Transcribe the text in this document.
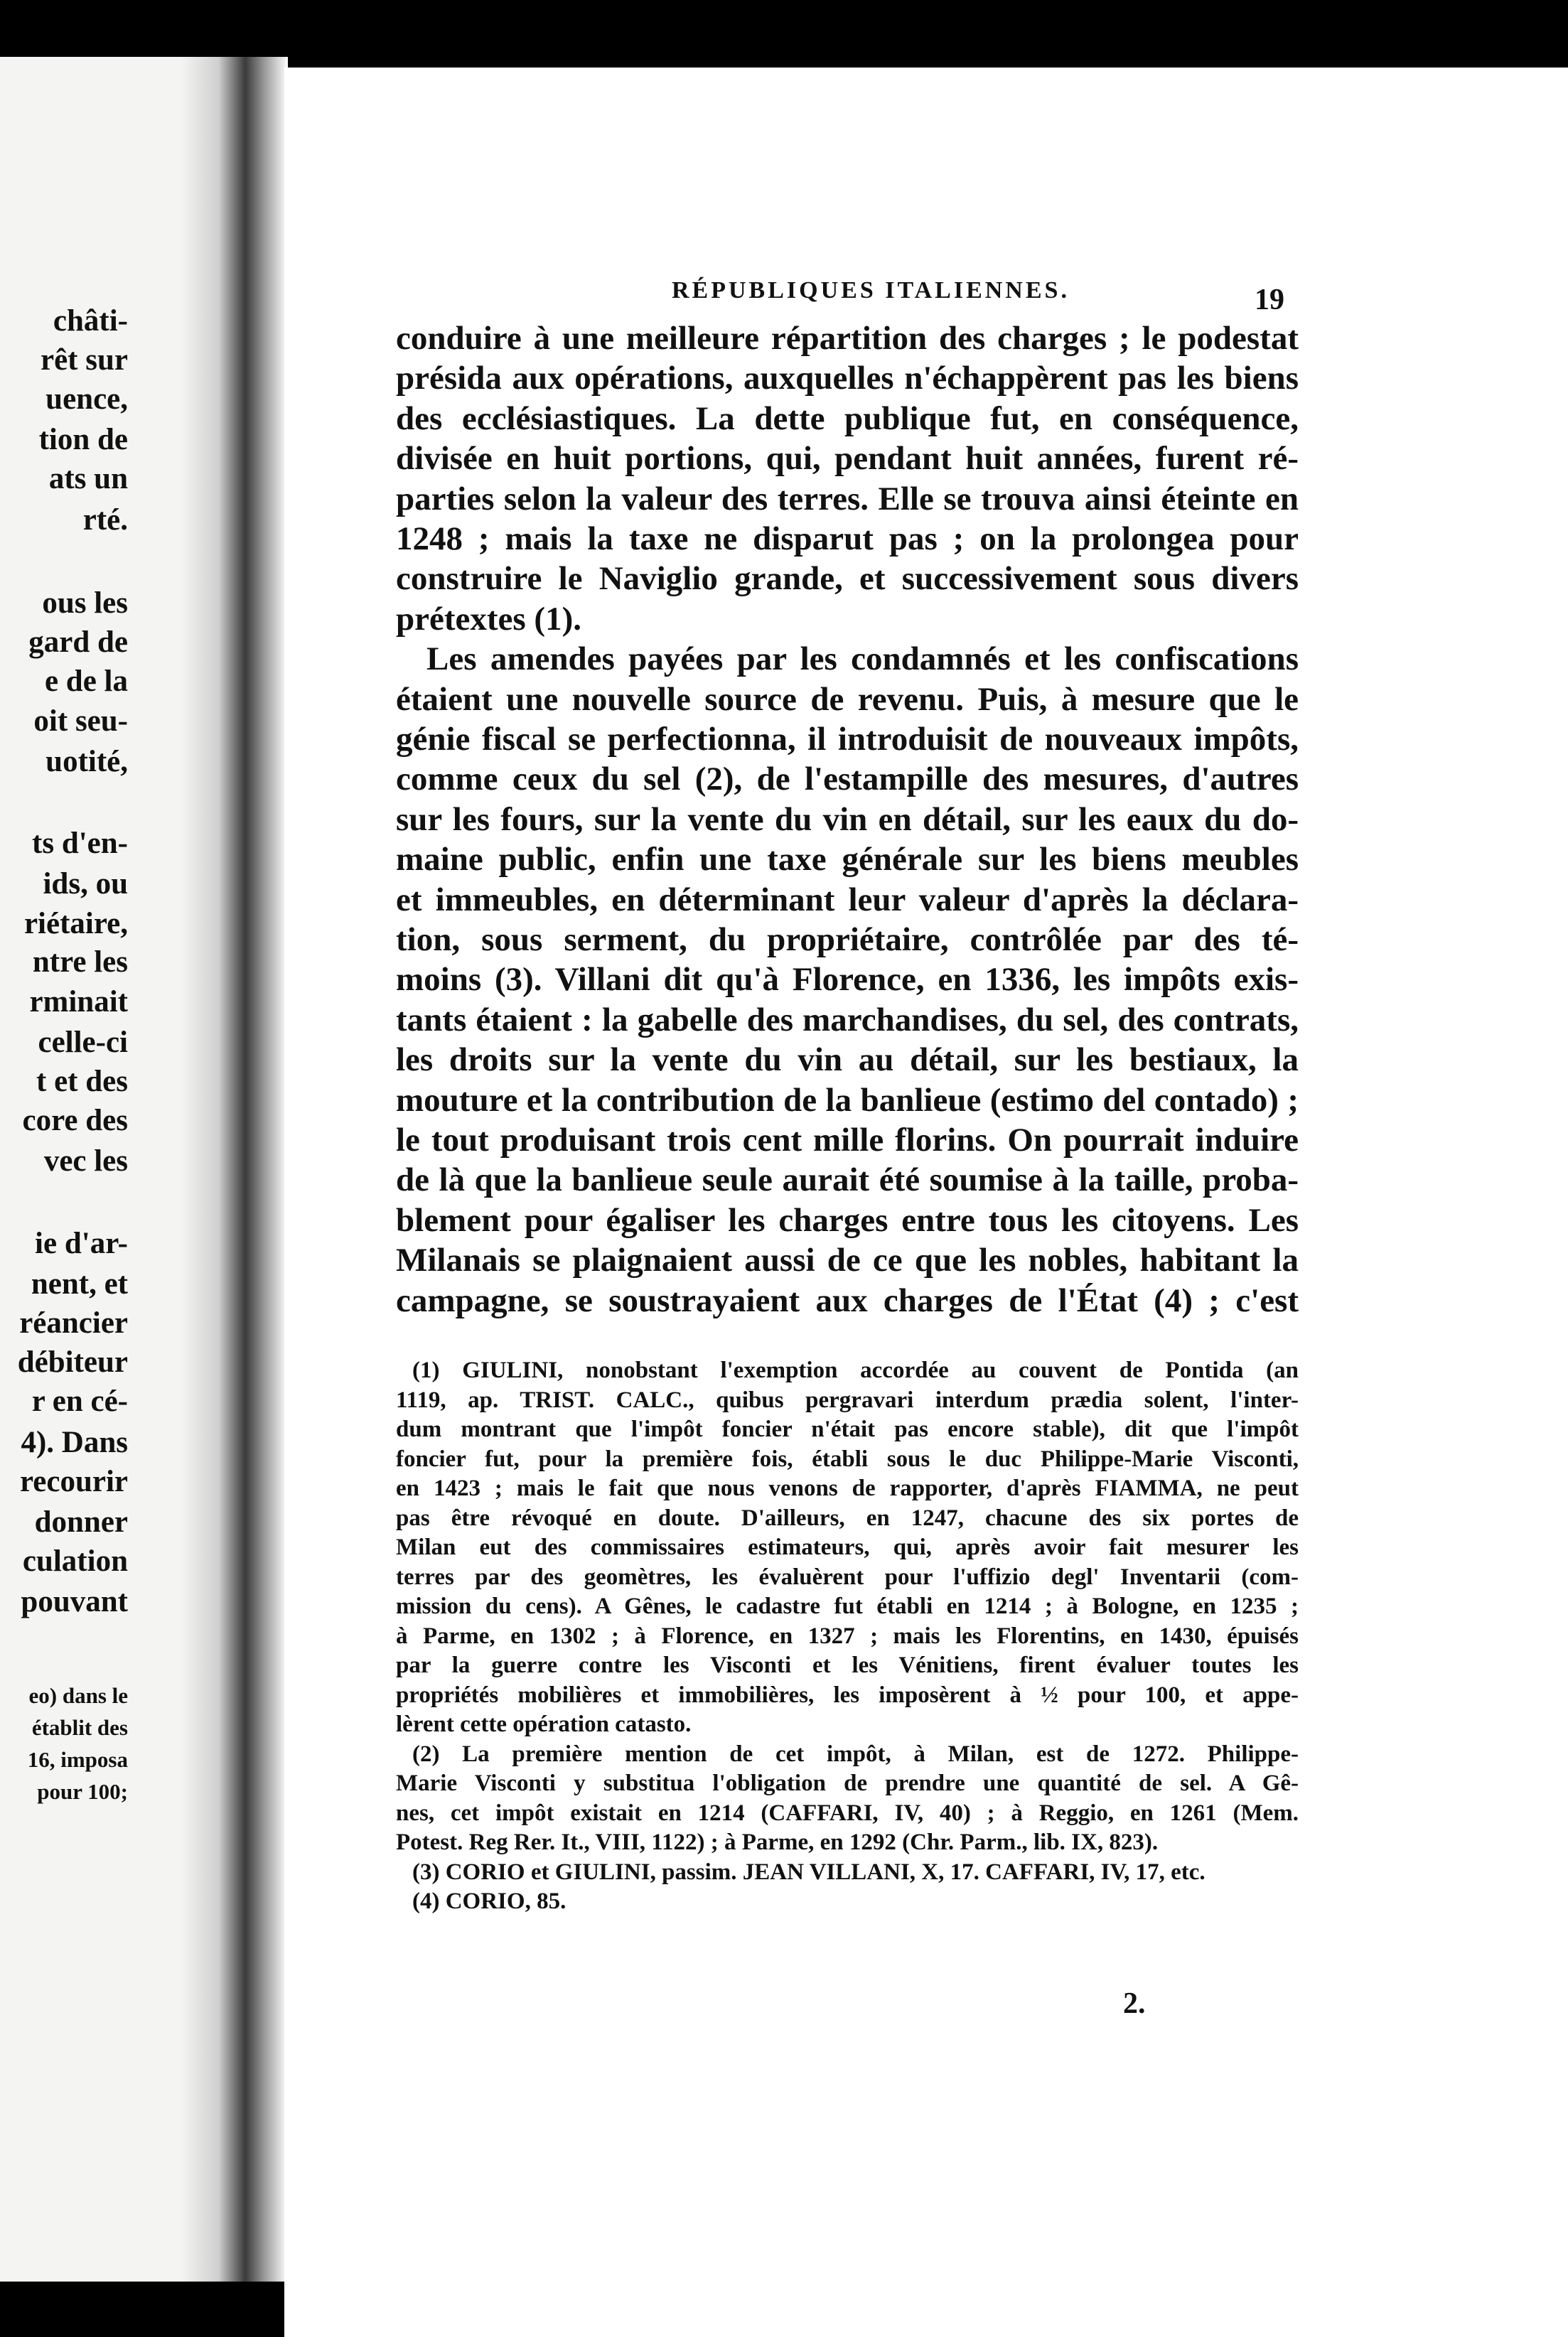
châti-
rêt sur
uence,
tion de
ats un
rté.
ous les
gard de
e de la
oit seu-
uotité,
ts d'en-
ids, ou
riétaire,
ntre les
rminait
celle-ci
t et des
core des
vec les
ie d'ar-
nent, et
réancier
débiteur
r en cé-
4). Dans
recourir
donner
culation
pouvant
eo) dans le
établit des
16, imposa
pour 100;
RÉPUBLIQUES ITALIENNES.	19
conduire à une meilleure répartition des charges ; le podestat
présida aux opérations, auxquelles n'échappèrent pas les biens
des ecclésiastiques. La dette publique fut, en conséquence,
divisée en huit portions, qui, pendant huit années, furent ré-
parties selon la valeur des terres. Elle se trouva ainsi éteinte en
1248 ; mais la taxe ne disparut pas ; on la prolongea pour
construire le Naviglio grande, et successivement sous divers
prétextes (1).
Les amendes payées par les condamnés et les confiscations
étaient une nouvelle source de revenu. Puis, à mesure que le
génie fiscal se perfectionna, il introduisit de nouveaux impôts,
comme ceux du sel (2), de l'estampille des mesures, d'autres
sur les fours, sur la vente du vin en détail, sur les eaux du do-
maine public, enfin une taxe générale sur les biens meubles
et immeubles, en déterminant leur valeur d'après la déclara-
tion, sous serment, du propriétaire, contrôlée par des té-
moins (3). Villani dit qu'à Florence, en 1336, les impôts exis-
tants étaient : la gabelle des marchandises, du sel, des contrats,
les droits sur la vente du vin au détail, sur les bestiaux, la
mouture et la contribution de la banlieue (estimo del contado) ;
le tout produisant trois cent mille florins. On pourrait induire
de là que la banlieue seule aurait été soumise à la taille, proba-
blement pour égaliser les charges entre tous les citoyens. Les
Milanais se plaignaient aussi de ce que les nobles, habitant la
campagne, se soustrayaient aux charges de l'État (4) ; c'est
(1) GIULINI, nonobstant l'exemption accordée au couvent de Pontida (an
1119, ap. TRIST. CALC., quibus pergravari interdum prædia solent, l'inter-
dum montrant que l'impôt foncier n'était pas encore stable), dit que l'impôt
foncier fut, pour la première fois, établi sous le duc Philippe-Marie Visconti,
en 1423 ; mais le fait que nous venons de rapporter, d'après FIAMMA, ne peut
pas être révoqué en doute. D'ailleurs, en 1247, chacune des six portes de
Milan eut des commissaires estimateurs, qui, après avoir fait mesurer les
terres par des geomètres, les évaluèrent pour l'uffizio degl' Inventarii (com-
mission du cens). A Gênes, le cadastre fut établi en 1214 ; à Bologne, en 1235 ;
à Parme, en 1302 ; à Florence, en 1327 ; mais les Florentins, en 1430, épuisés
par la guerre contre les Visconti et les Vénitiens, firent évaluer toutes les
propriétés mobilières et immobilières, les imposèrent à ½ pour 100, et appe-
lèrent cette opération catasto.
(2) La première mention de cet impôt, à Milan, est de 1272. Philippe-
Marie Visconti y substitua l'obligation de prendre une quantité de sel. A Gê-
nes, cet impôt existait en 1214 (CAFFARI, IV, 40) ; à Reggio, en 1261 (Mem.
Potest. Reg Rer. It., VIII, 1122) ; à Parme, en 1292 (Chr. Parm., lib. IX, 823).
(3) CORIO et GIULINI, passim. JEAN VILLANI, X, 17. CAFFARI, IV, 17, etc.
(4) CORIO, 85.
2.
٭
